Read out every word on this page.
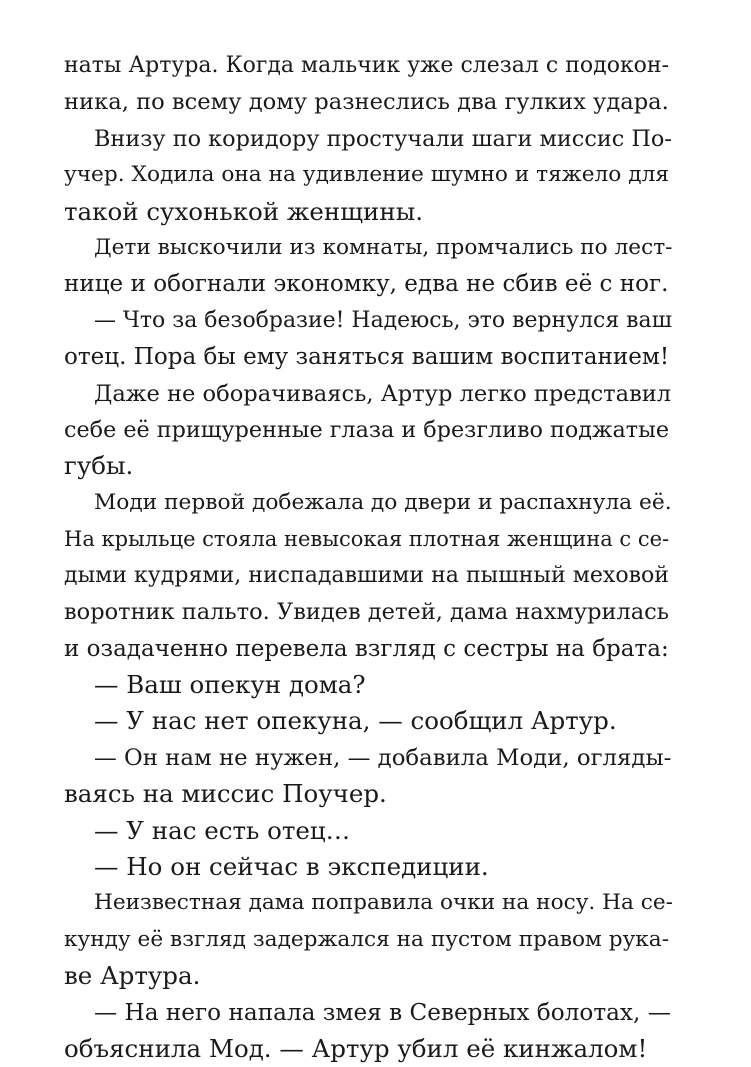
наты Артура. Когда мальчик уже слезал с подокон-
ника, по всему дому разнеслись два гулких удара.
Внизу по коридору простучали шаги миссис По-
учер. Ходила она на удивление шумно и тяжело для
такой сухонькой женщины.
Дети выскочили из комнаты, промчались по лест-
нице и обогнали экономку, едва не сбив её с ног.
— Что за безобразие! Надеюсь, это вернулся ваш
отец. Пора бы ему заняться вашим воспитанием!
Даже не оборачиваясь, Артур легко представил
себе её прищуренные глаза и брезгливо поджатые
губы.
Моди первой добежала до двери и распахнула её.
На крыльце стояла невысокая плотная женщина с се-
дыми кудрями, ниспадавшими на пышный меховой
воротник пальто. Увидев детей, дама нахмурилась
и озадаченно перевела взгляд с сестры на брата:
— Ваш опекун дома?
— У нас нет опекуна, — сообщил Артур.
— Он нам не нужен, — добавила Моди, огляды-
ваясь на миссис Поучер.
— У нас есть отец…
— Но он сейчас в экспедиции.
Неизвестная дама поправила очки на носу. На се-
кунду её взгляд задержался на пустом правом рука-
ве Артура.
— На него напала змея в Северных болотах, —
объяснила Мод. — Артур убил её кинжалом!
